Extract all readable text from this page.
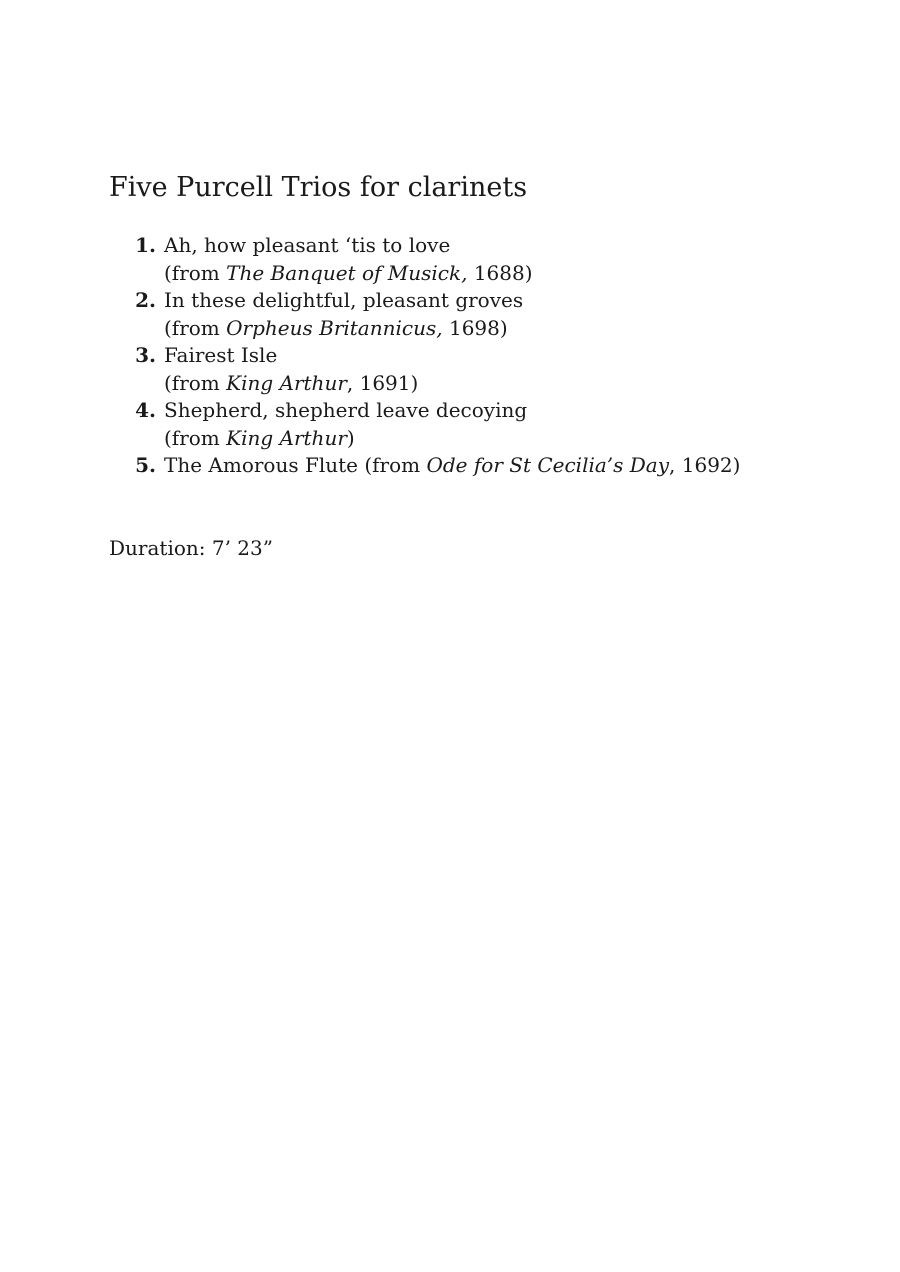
Five Purcell Trios for clarinets
1. Ah, how pleasant ʻtis to love
(from The Banquet of Musick, 1688)
2. In these delightful, pleasant groves
(from Orpheus Britannicus, 1698)
3. Fairest Isle
(from King Arthur, 1691)
4. Shepherd, shepherd leave decoying
(from King Arthur)
5. The Amorous Flute (from Ode for St Cecilia’s Day, 1692)

Duration: 7’ 23”
